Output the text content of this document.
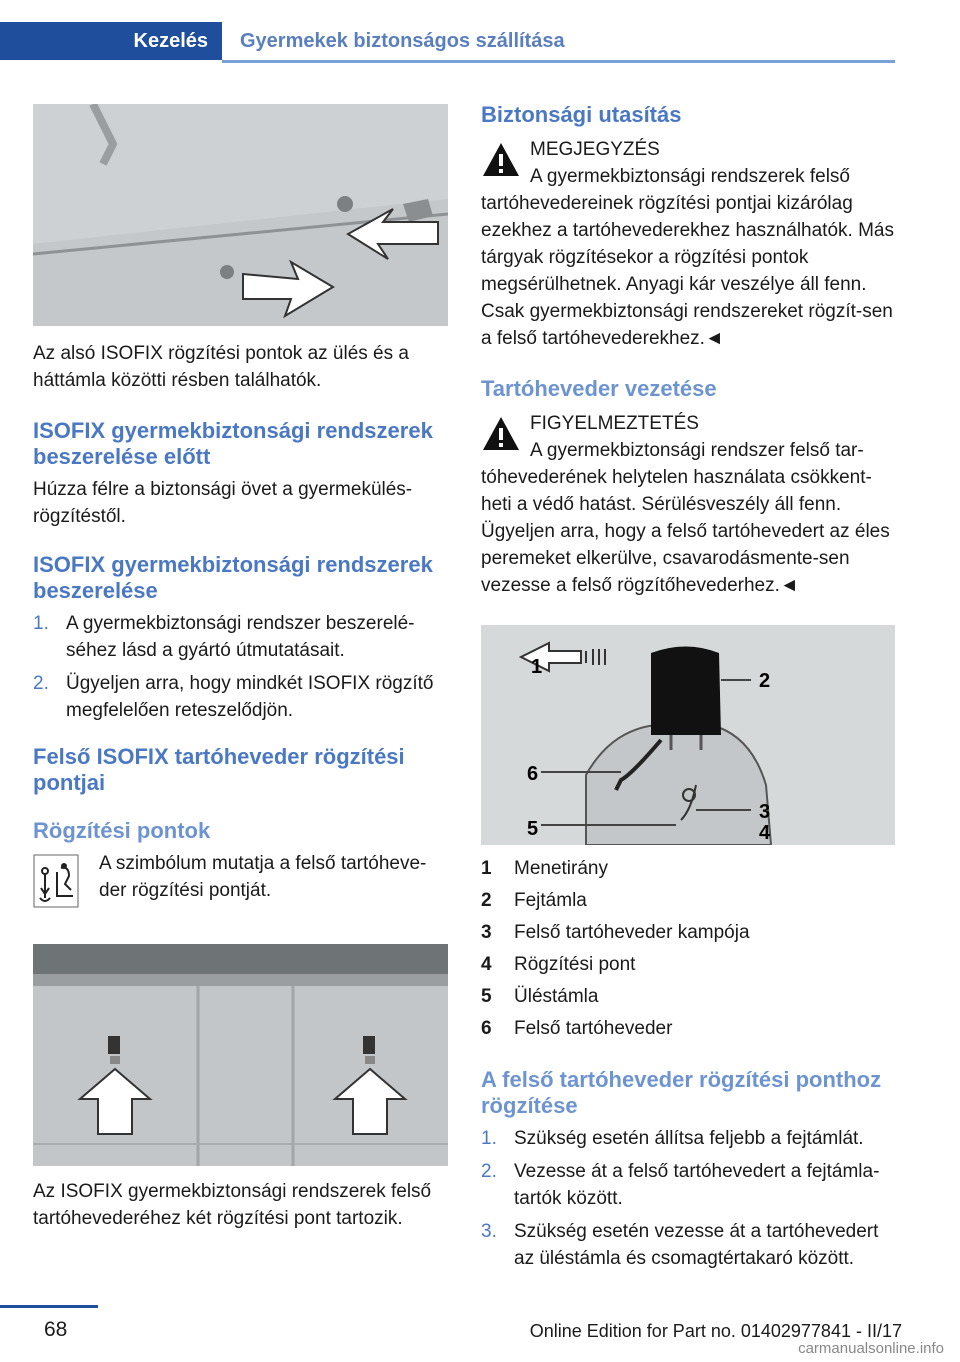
Kezelés	Gyermekek biztonságos szállítása

Az alsó ISOFIX rögzítési pontok az ülés és a háttámla közötti résben találhatók.

ISOFIX gyermekbiztonsági rendszerek beszerelése előtt

Húzza félre a biztonsági övet a gyermekülés-rögzítéstől.

ISOFIX gyermekbiztonsági rendszerek beszerelése
1. A gyermekbiztonsági rendszer beszerelé-séhez lásd a gyártó útmutatásait.
2. Ügyeljen arra, hogy mindkét ISOFIX rögzítő megfelelően reteszelődjön.
Felső ISOFIX tartóheveder rögzítési pontjai
Rögzítési pontok

A szimbólum mutatja a felső tartóheve-der rögzítési pontját.

Az ISOFIX gyermekbiztonsági rendszerek felső tartóhevederéhez két rögzítési pont tartozik.

Biztonsági utasítás

MEGJEGYZÉS

A gyermekbiztonsági rendszerek felső tartóhevedereinek rögzítési pontjai kizárólag ezekhez a tartóhevederekhez használhatók. Más tárgyak rögzítésekor a rögzítési pontok megsérülhetnek. Anyagi kár veszélye áll fenn. Csak gyermekbiztonsági rendszereket rögzít-sen a felső tartóhevederekhez.◄

Tartóheveder vezetése

FIGYELMEZTETÉS

A gyermekbiztonsági rendszer felső tar-tóhevederének helytelen használata csökkent-heti a védő hatást. Sérülésveszély áll fenn. Ügyeljen arra, hogy a felső tartóhevedert az éles peremeket elkerülve, csavarodásmente-sen vezesse a felső rögzítőhevederhez.◄

1
2
3
4
5
6
1	Menetirány
2	Fejtámla
3	Felső tartóheveder kampója
4	Rögzítési pont
5	Üléstámla
6	Felső tartóheveder
A felső tartóheveder rögzítési ponthoz rögzítése
1. Szükség esetén állítsa feljebb a fejtámlát.
2. Vezesse át a felső tartóhevedert a fejtámla-tartók között.
3. Szükség esetén vezesse át a tartóhevedert az üléstámla és csomagtértakaró között.
68	Online Edition for Part no. 01402977841 - II/17
carmanualsonline.info
